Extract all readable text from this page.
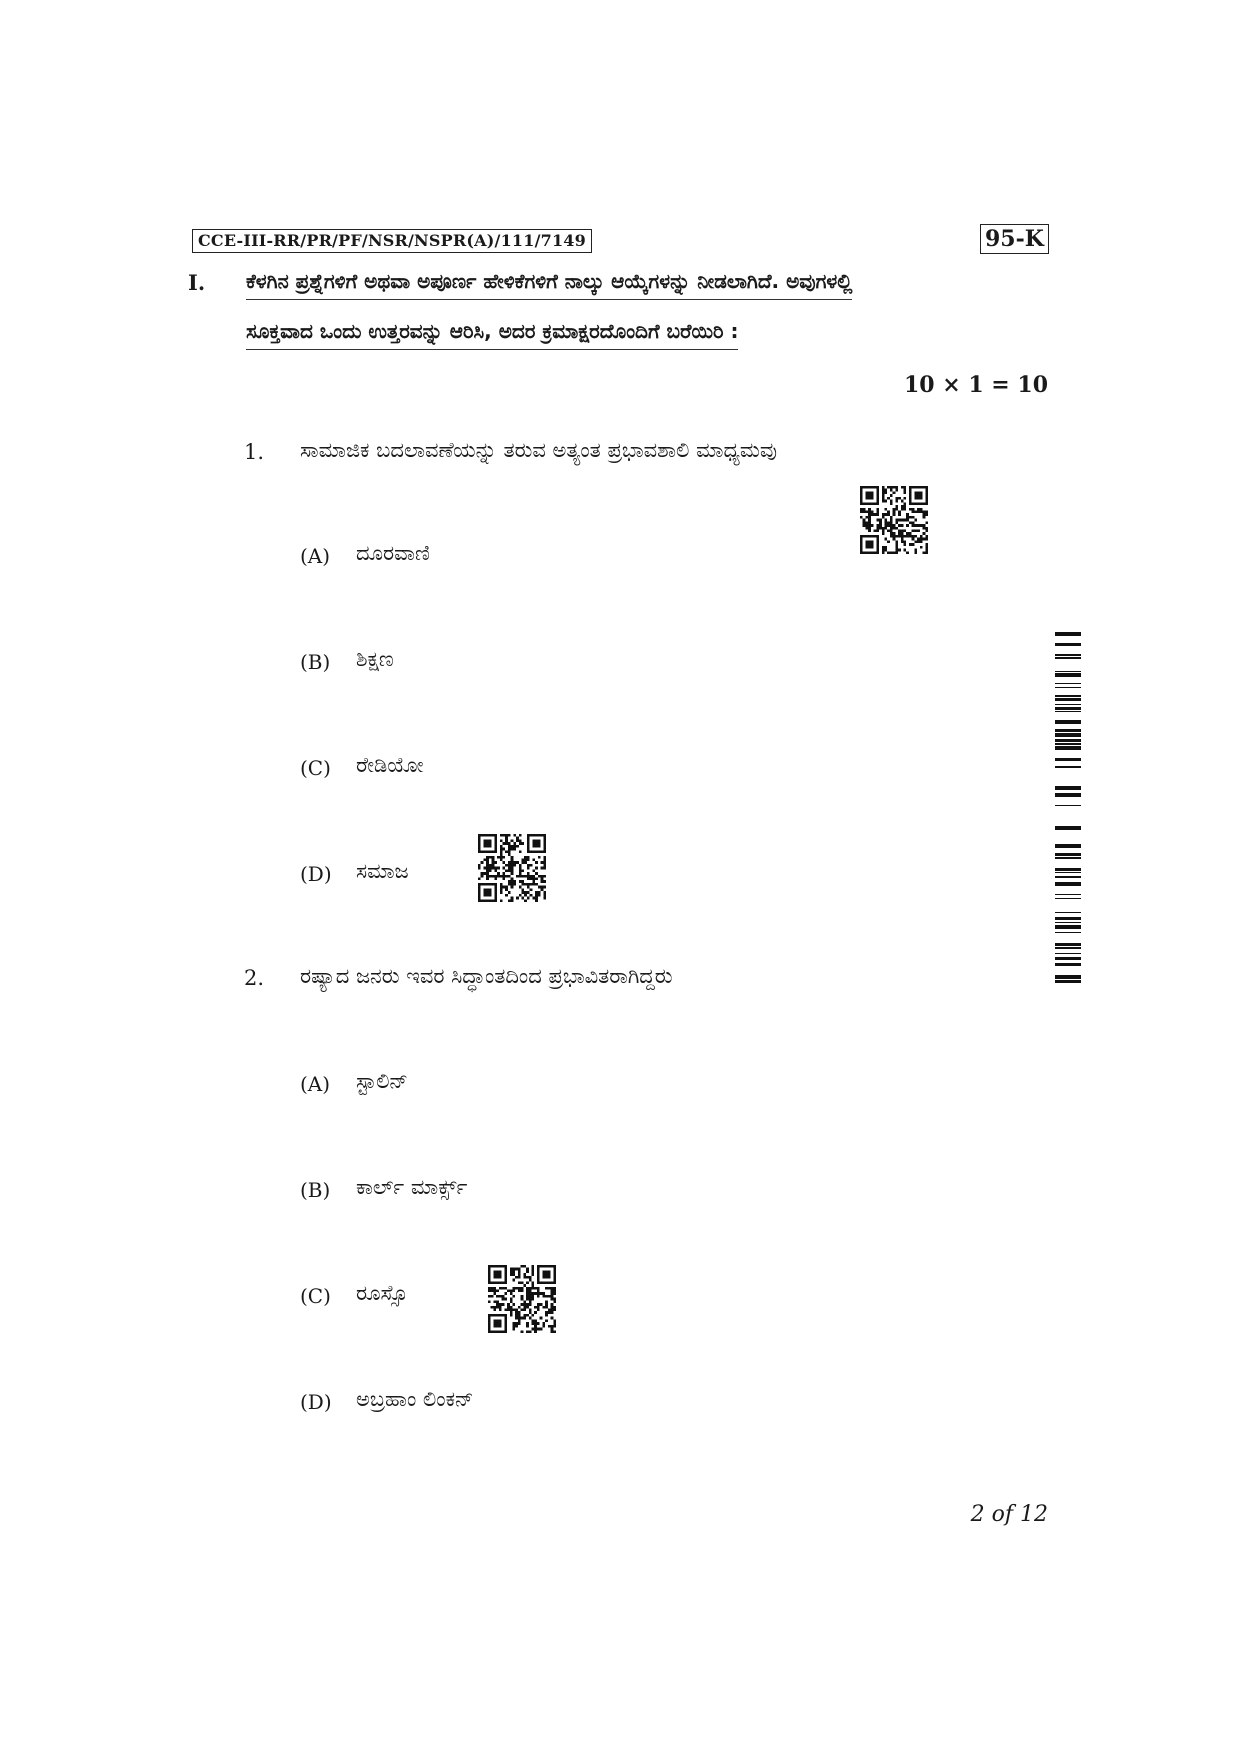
CCE-III-RR/PR/PF/NSR/NSPR(A)/111/7149	95-K
I. ಕೆಳಗಿನ ಪ್ರಶ್ನೆಗಳಿಗೆ ಅಥವಾ ಅಪೂರ್ಣ ಹೇಳಿಕೆಗಳಿಗೆ ನಾಲ್ಕು ಆಯ್ಕೆಗಳನ್ನು ನೀಡಲಾಗಿದೆ. ಅವುಗಳಲ್ಲಿ
ಸೂಕ್ತವಾದ ಒಂದು ಉತ್ತರವನ್ನು ಆರಿಸಿ, ಅದರ ಕ್ರಮಾಕ್ಷರದೊಂದಿಗೆ ಬರೆಯಿರಿ :
10 × 1 = 10
1. ಸಾಮಾಜಿಕ ಬದಲಾವಣೆಯನ್ನು ತರುವ ಅತ್ಯಂತ ಪ್ರಭಾವಶಾಲಿ ಮಾಧ್ಯಮವು
(A) ದೂರವಾಣಿ
(B) ಶಿಕ್ಷಣ
(C) ರೇಡಿಯೋ
(D) ಸಮಾಜ
2. ರಷ್ಯಾದ ಜನರು ಇವರ ಸಿದ್ಧಾಂತದಿಂದ ಪ್ರಭಾವಿತರಾಗಿದ್ದರು
(A) ಸ್ಟಾಲಿನ್
(B) ಕಾರ್ಲ್ ಮಾರ್ಕ್ಸ್
(C) ರೂಸ್ಸೊ
(D) ಅಬ್ರಹಾಂ ಲಿಂಕನ್
2 of 12
